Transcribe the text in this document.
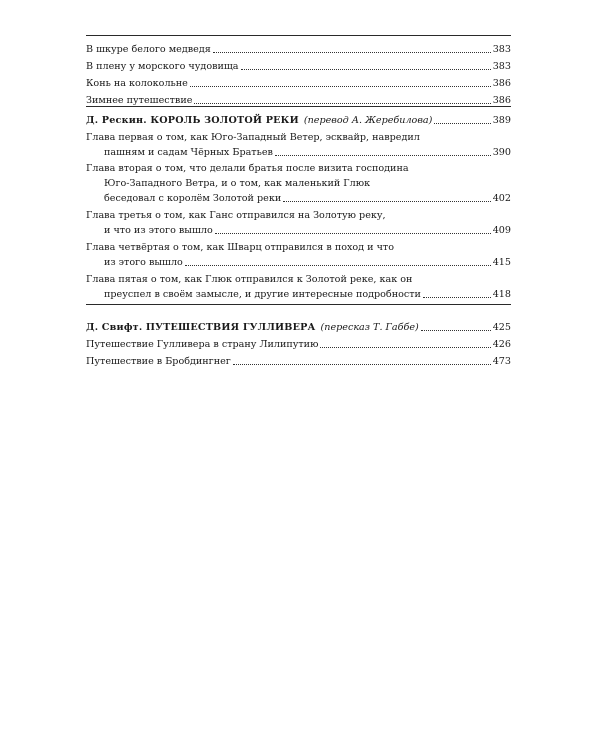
В шкуре белого медведя	383
В плену у морского чудовища	383
Конь на колокольне	386
Зимнее путешествие	386
Д. Рескин. КОРОЛЬ ЗОЛОТОЙ РЕКИ (перевод А. Жеребилова)	389
Глава первая о том, как Юго-Западный Ветер, эсквайр, навредил
пашням и садам Чёрных Братьев	390
Глава вторая о том, что делали братья после визита господина
Юго-Западного Ветра, и о том, как маленький Глюк
беседовал с королём Золотой реки	402
Глава третья о том, как Ганс отправился на Золотую реку,
и что из этого вышло	409
Глава четвёртая о том, как Шварц отправился в поход и что
из этого вышло	415
Глава пятая о том, как Глюк отправился к Золотой реке, как он
преуспел в своём замысле, и другие интересные подробности	418
Д. Свифт. ПУТЕШЕСТВИЯ ГУЛЛИВЕРА (пересказ Т. Габбе)	425
Путешествие Гулливера в страну Лилипутию	426
Путешествие в Бробдингнег	473
